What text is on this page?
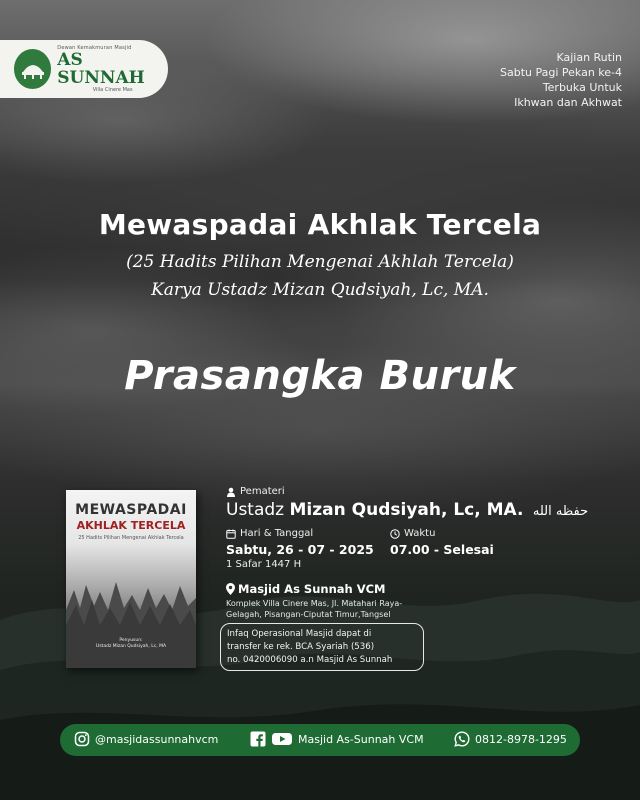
Dewan Kemakmuran Masjid
AS SUNNAH
Villa Cinere Mas
Kajian Rutin
Sabtu Pagi Pekan ke-4
Terbuka Untuk
Ikhwan dan Akhwat
Mewaspadai Akhlak Tercela
(25 Hadits Pilihan Mengenai Akhlah Tercela)
Karya Ustadz Mizan Qudsiyah, Lc, MA.
Prasangka Buruk
MEWASPADAI
AKHLAK TERCELA
25 Hadits Pilihan Mengenai Akhlak Tercela
Penyusun:
Ustadz Mizan Qudsiyah, Lc, MA
Pemateri
Ustadz Mizan Qudsiyah, Lc, MA. حفظه الله
Hari & Tanggal	Waktu
Sabtu, 26 - 07 - 2025 07.00 - Selesai
1 Safar 1447 H
Masjid As Sunnah VCM
Komplek Villa Cinere Mas, Jl. Matahari Raya-
Gelagah, Pisangan-Ciputat Timur,Tangsel
Infaq Operasional Masjid dapat di
transfer ke rek. BCA Syariah (536)
no. 0420006090 a.n Masjid As Sunnah
@masjidassunnahvcm	Masjid As-Sunnah VCM	0812-8978-1295
